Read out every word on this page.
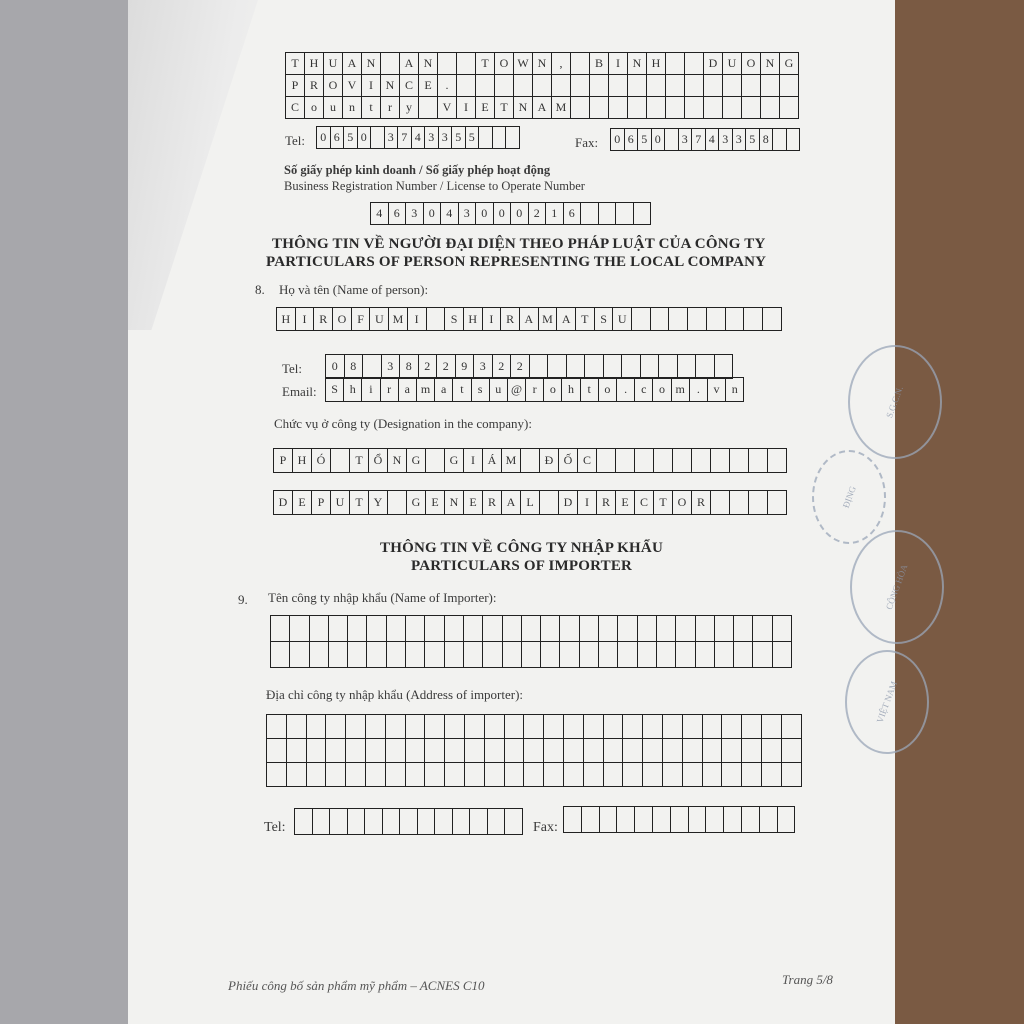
T H U A N	A N	T O W N	,	B	I	N H	D U O N G
P R O V	I	N C E	.
C	o	u	n	t	r	y	V	I	E T N A M
Tel:	0 6 5 0	3 7 4 3 3 5 5	Fax:	0 6 5 0	3 7 4 3 3 5 8
Số giấy phép kinh doanh / Số giấy phép hoạt động
Business Registration Number / License to Operate Number
4 6 3 0 4 3 0 0 0 2 1 6
THÔNG TIN VỀ NGƯỜI ĐẠI DIỆN THEO PHÁP LUẬT CỦA CÔNG TY
PARTICULARS OF PERSON REPRESENTING THE LOCAL COMPANY
8. Họ và tên (Name of person):
H	I	R O F U M I	S H	I	R A M A T S U
Tel:	0	8	3	8	2	2	9	3	2	2
Email:	S h	i	r	a m a	t	s	u @ r	o	h	t	o	.	c	o m	.	v	n
Chức vụ ở công ty (Designation in the company):
P H Ó	T Ổ N G	G	I	Á M	Đ Ố C
D E P U T Y	G E N E R A L	D	I	R E C T O R
THÔNG TIN VỀ CÔNG TY NHẬP KHẨU
PARTICULARS OF IMPORTER
9. Tên công ty nhập khẩu (Name of Importer):
Địa chỉ công ty nhập khẩu (Address of importer):
Tel:	Fax:
Phiếu công bố sản phẩm mỹ phẩm – ACNES C10	Trang 5/8
S.G.C.N.
ĐỊNG
CỘNG HÒA
VIỆT NAM
